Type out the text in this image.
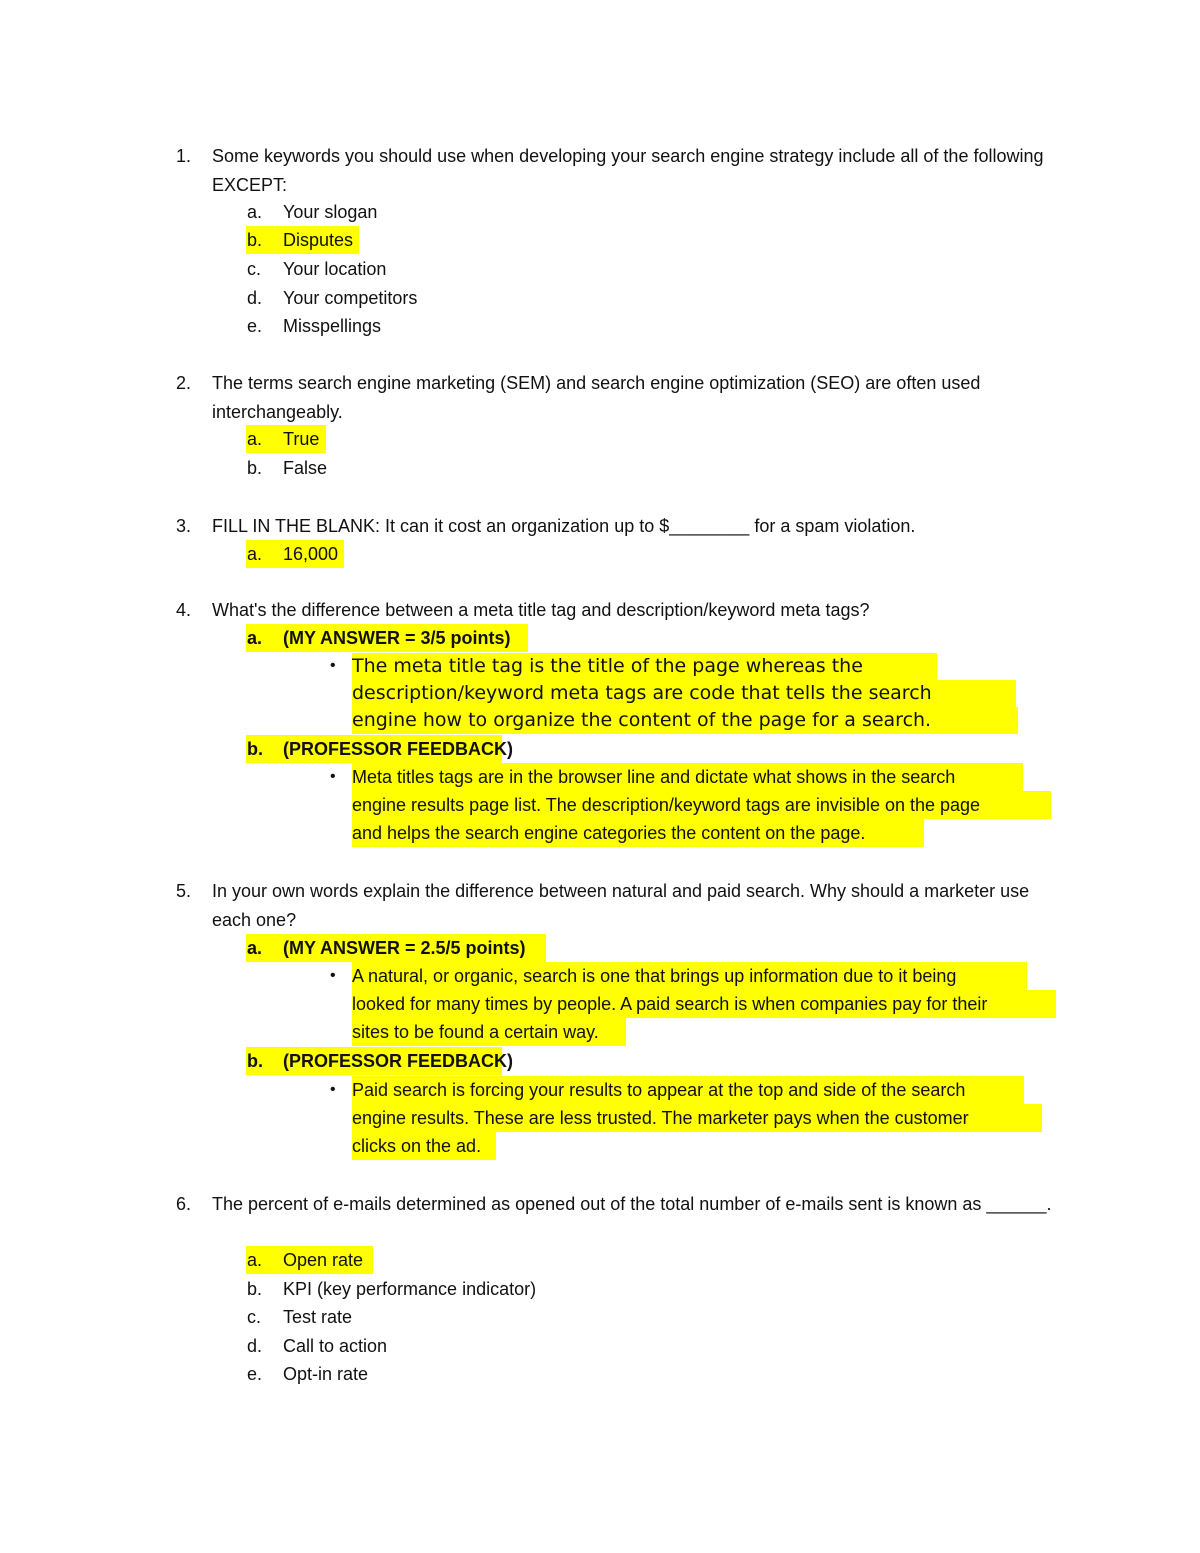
1. Some keywords you should use when developing your search engine strategy include all of the following EXCEPT:
a. Your slogan
b. Disputes
c. Your location
d. Your competitors
e. Misspellings
2. The terms search engine marketing (SEM) and search engine optimization (SEO) are often used interchangeably.
a. True
b. False
3. FILL IN THE BLANK: It can it cost an organization up to $________ for a spam violation.
a. 16,000
4. What's the difference between a meta title tag and description/keyword meta tags?
a. (MY ANSWER = 3/5 points)
• The meta title tag is the title of the page whereas the
description/keyword meta tags are code that tells the search
engine how to organize the content of the page for a search.
b. (PROFESSOR FEEDBACK)
• Meta titles tags are in the browser line and dictate what shows in the search
engine results page list. The description/keyword tags are invisible on the page
and helps the search engine categories the content on the page.
5. In your own words explain the difference between natural and paid search. Why should a marketer use each one?
a. (MY ANSWER = 2.5/5 points)
• A natural, or organic, search is one that brings up information due to it being
looked for many times by people. A paid search is when companies pay for their
sites to be found a certain way.
b. (PROFESSOR FEEDBACK)
• Paid search is forcing your results to appear at the top and side of the search
engine results. These are less trusted. The marketer pays when the customer
clicks on the ad.
6. The percent of e-mails determined as opened out of the total number of e-mails sent is known as ______.
a. Open rate
b. KPI (key performance indicator)
c. Test rate
d. Call to action
e. Opt-in rate
